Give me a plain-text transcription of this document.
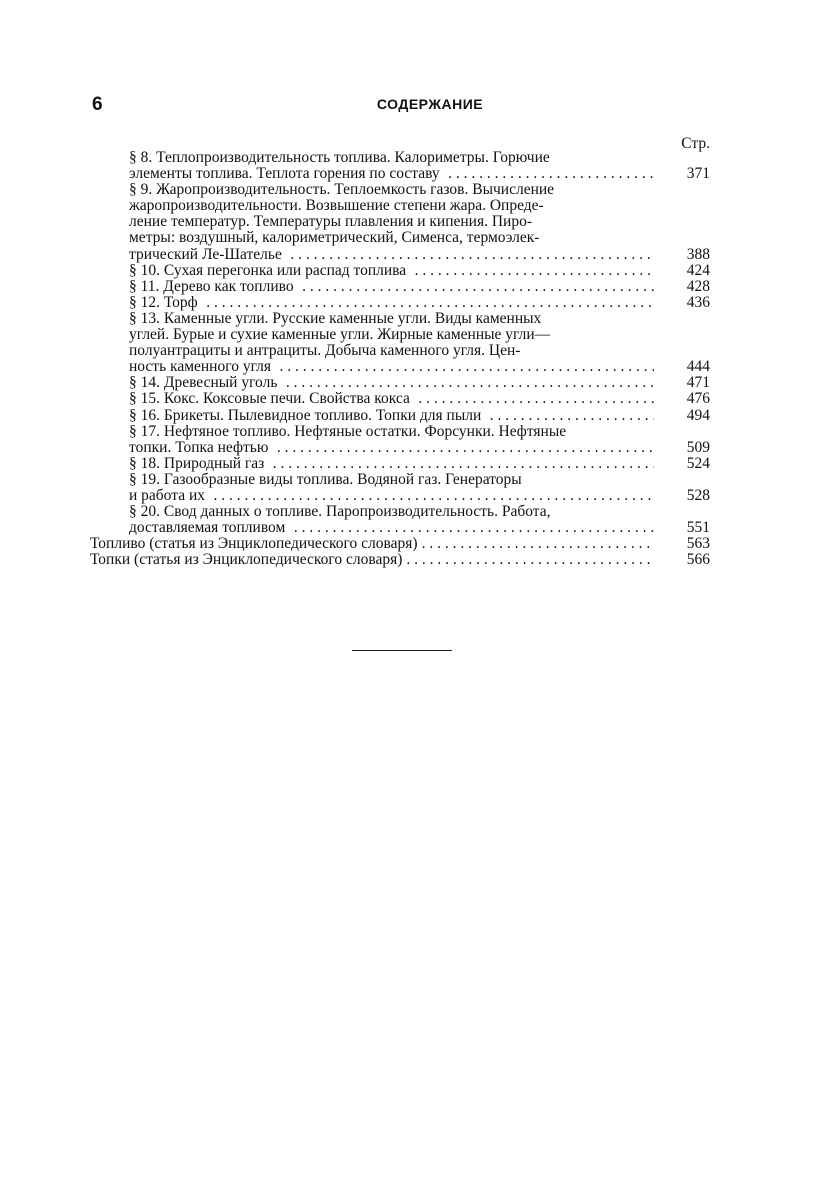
6	СОДЕРЖАНИЕ
Стр.
§ 8. Теплопроизводительность топлива. Калориметры. Горючие
элементы топлива. Теплота горения по составу . . .	371
§ 9. Жаропроизводительность. Теплоемкость газов. Вычисление
жаропроизводительности. Возвышение степени жара. Опреде-
ление температур. Температуры плавления и кипения. Пиро-
метры: воздушный, калориметрический, Сименса, термоэлек-
трический Ле-Шателье . . .	388
§ 10. Сухая перегонка или распад топлива . . .	424
§ 11. Дерево как топливо . . .	428
§ 12. Торф . . .	436
§ 13. Каменные угли. Русские каменные угли. Виды каменных
углей. Бурые и сухие каменные угли. Жирные каменные угли—
полуантрациты и антрациты. Добыча каменного угля. Цен-
ность каменного угля . . .	444
§ 14. Древесный уголь . . .	471
§ 15. Кокс. Коксовые печи. Свойства кокса . . .	476
§ 16. Брикеты. Пылевидное топливо. Топки для пыли . . .	494
§ 17. Нефтяное топливо. Нефтяные остатки. Форсунки. Нефтяные
топки. Топка нефтью . . .	509
§ 18. Природный газ . . .	524
§ 19. Газообразные виды топлива. Водяной газ. Генераторы
и работа их . . .	528
§ 20. Свод данных о топливе. Паропроизводительность. Работа,
доставляемая топливом . . .	551
Топливо (статья из Энциклопедического словаря) . . .	563
Топки (статья из Энциклопедического словаря) . . .	566
